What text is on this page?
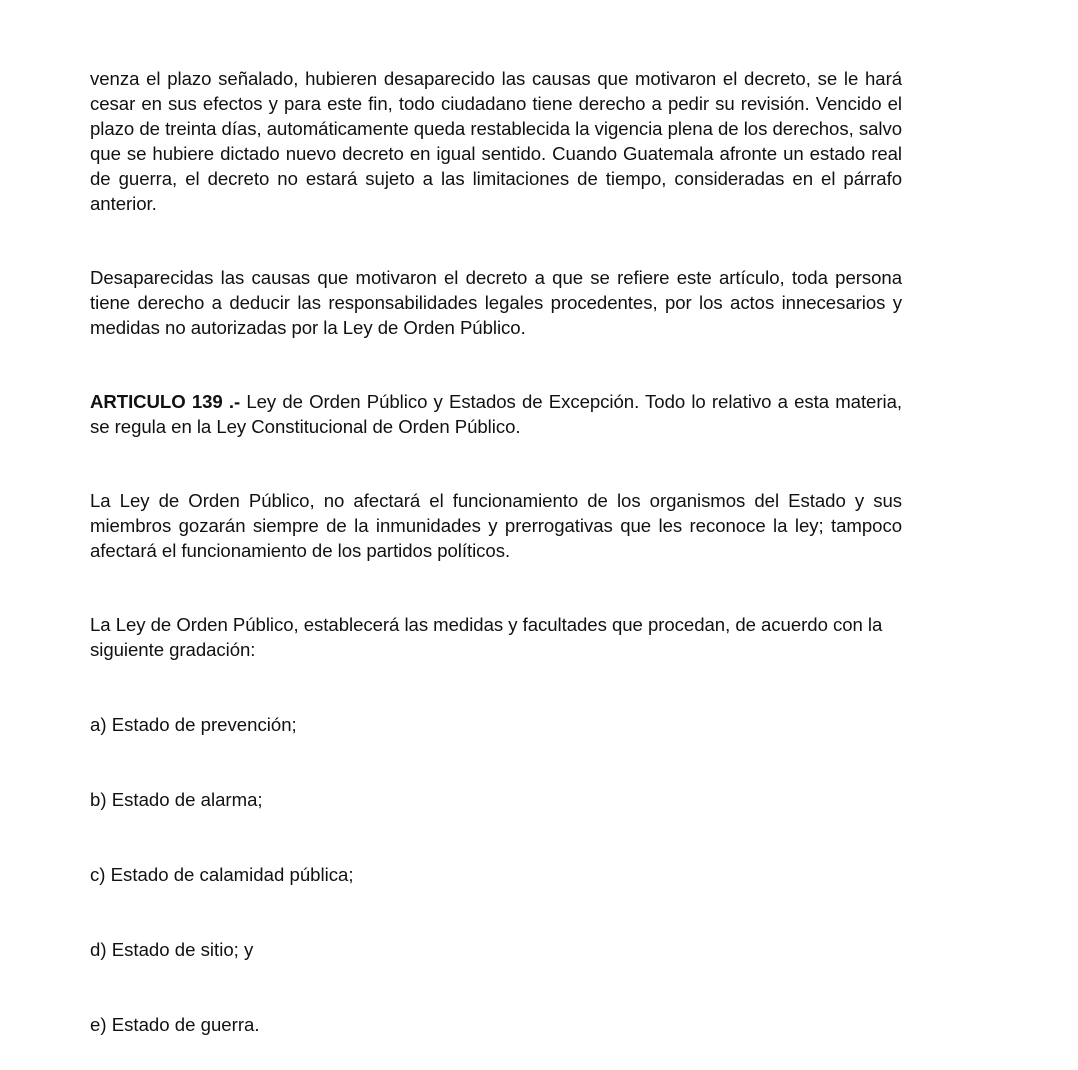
venza el plazo señalado, hubieren desaparecido las causas que motivaron el decreto, se le hará cesar en sus efectos y para este fin, todo ciudadano tiene derecho a pedir su revisión. Vencido el plazo de treinta días, automáticamente queda restablecida la vigencia plena de los derechos, salvo que se hubiere dictado nuevo decreto en igual sentido. Cuando Guatemala afronte un estado real de guerra, el decreto no estará sujeto a las limitaciones de tiempo, consideradas en el párrafo anterior.

Desaparecidas las causas que motivaron el decreto a que se refiere este artículo, toda persona tiene derecho a deducir las responsabilidades legales procedentes, por los actos innecesarios y medidas no autorizadas por la Ley de Orden Público.

ARTICULO 139 .- Ley de Orden Público y Estados de Excepción. Todo lo relativo a esta materia, se regula en la Ley Constitucional de Orden Público.

La Ley de Orden Público, no afectará el funcionamiento de los organismos del Estado y sus miembros gozarán siempre de la inmunidades y prerrogativas que les reconoce la ley; tampoco afectará el funcionamiento de los partidos políticos.

La Ley de Orden Público, establecerá las medidas y facultades que procedan, de acuerdo con la siguiente gradación:

a) Estado de prevención;

b) Estado de alarma;

c) Estado de calamidad pública;

d) Estado de sitio; y

e) Estado de guerra.
